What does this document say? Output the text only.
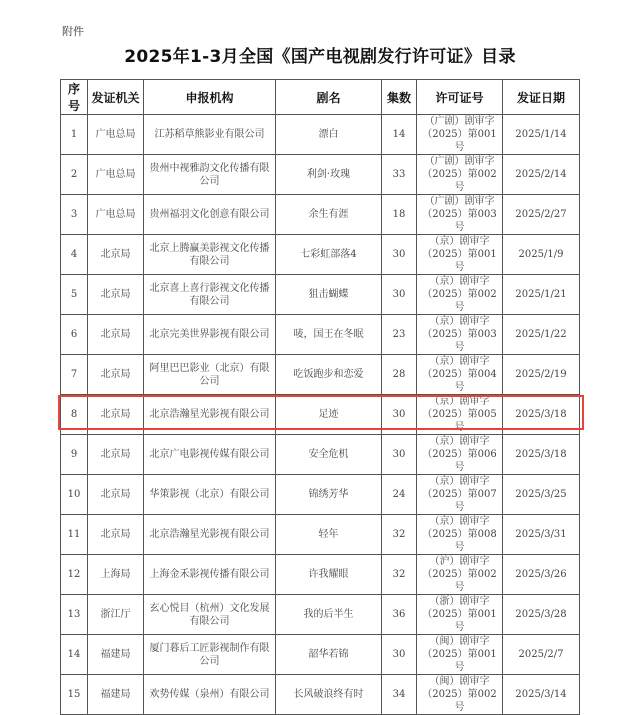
附件
2025年1-3月全国《国产电视剧发行许可证》目录
序号	发证机关	申报机构	剧名	集数	许可证号	发证日期
1	广电总局	江苏稻草熊影业有限公司	漂白	14	（广剧）剧审字（2025）第001号	2025/1/14
2	广电总局	贵州中视雅韵文化传播有限公司	利剑·玫瑰	33	（广剧）剧审字（2025）第002号	2025/2/14
3	广电总局	贵州福羽文化创意有限公司	余生有涯	18	（广剧）剧审字（2025）第003号	2025/2/27
4	北京局	北京上腾赢美影视文化传播有限公司	七彩虹部落4	30	（京）剧审字（2025）第001号	2025/1/9
5	北京局	北京喜上喜行影视文化传播有限公司	狙击蝴蝶	30	（京）剧审字（2025）第002号	2025/1/21
6	北京局	北京完美世界影视有限公司	唛，国王在冬眠	23	（京）剧审字（2025）第003号	2025/1/22
7	北京局	阿里巴巴影业（北京）有限公司	吃饭跑步和恋爱	28	（京）剧审字（2025）第004号	2025/2/19
8	北京局	北京浩瀚星光影视有限公司	足迹	30	（京）剧审字（2025）第005号	2025/3/18
9	北京局	北京广电影视传媒有限公司	安全危机	30	（京）剧审字（2025）第006号	2025/3/18
10	北京局	华策影视（北京）有限公司	锦绣芳华	24	（京）剧审字（2025）第007号	2025/3/25
11	北京局	北京浩瀚星光影视有限公司	轻年	32	（京）剧审字（2025）第008号	2025/3/31
12	上海局	上海金禾影视传播有限公司	许我耀眼	32	（沪）剧审字（2025）第002号	2025/3/26
13	浙江厅	玄心悦目（杭州）文化发展有限公司	我的后半生	36	（浙）剧审字（2025）第001号	2025/3/28
14	福建局	厦门暮后工匠影视制作有限公司	韶华若锦	30	（闽）剧审字（2025）第001号	2025/2/7
15	福建局	欢势传媒（泉州）有限公司	长风破浪终有时	34	（闽）剧审字（2025）第002号	2025/3/14
